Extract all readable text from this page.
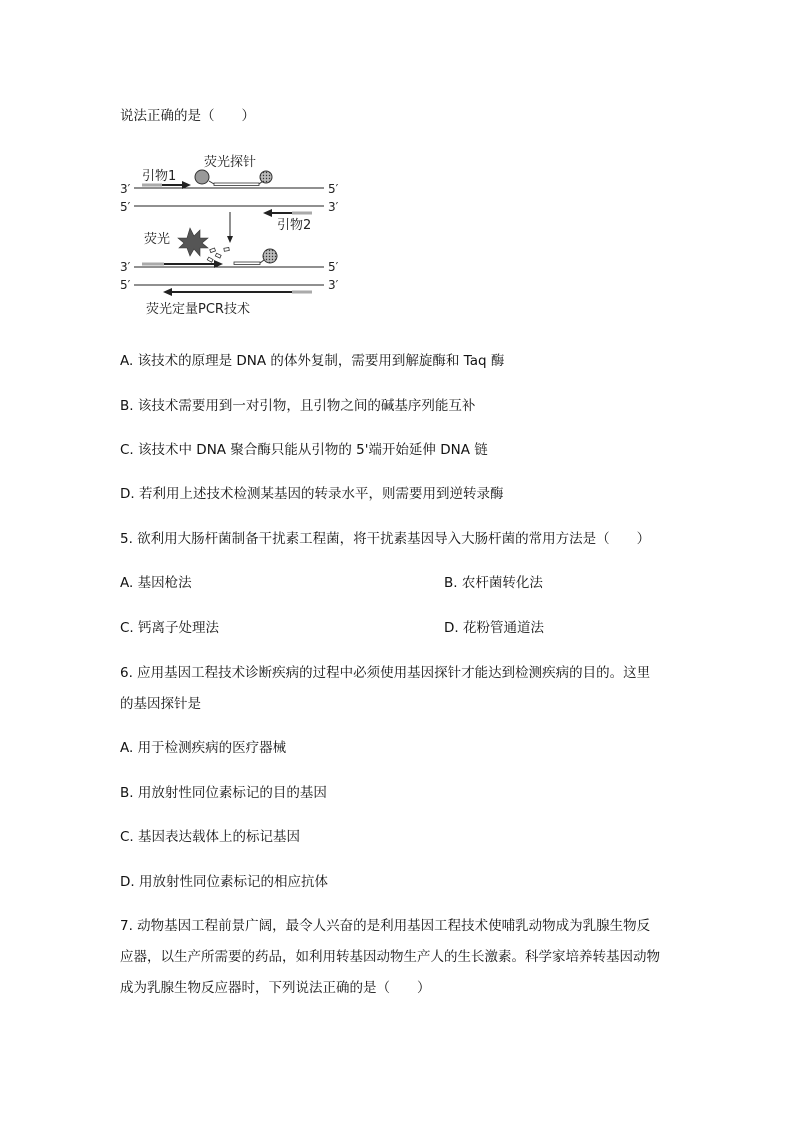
说法正确的是（　　）
荧光探针
引物1
3′	5′
5′	3′
引物2
荧光
3′	5′
5′	3′
荧光定量PCR技术
A. 该技术的原理是 DNA 的体外复制，需要用到解旋酶和 Taq 酶
B. 该技术需要用到一对引物，且引物之间的碱基序列能互补
C. 该技术中 DNA 聚合酶只能从引物的 5'端开始延伸 DNA 链
D. 若利用上述技术检测某基因的转录水平，则需要用到逆转录酶
5. 欲利用大肠杆菌制备干扰素工程菌，将干扰素基因导入大肠杆菌的常用方法是（　　）
A. 基因枪法	B. 农杆菌转化法
C. 钙离子处理法	D. 花粉管通道法
6. 应用基因工程技术诊断疾病的过程中必须使用基因探针才能达到检测疾病的目的。这里
的基因探针是
A. 用于检测疾病的医疗器械
B. 用放射性同位素标记的目的基因
C. 基因表达载体上的标记基因
D. 用放射性同位素标记的相应抗体
7. 动物基因工程前景广阔，最令人兴奋的是利用基因工程技术使哺乳动物成为乳腺生物反
应器，以生产所需要的药品，如利用转基因动物生产人的生长激素。科学家培养转基因动物
成为乳腺生物反应器时，下列说法正确的是（　　）
